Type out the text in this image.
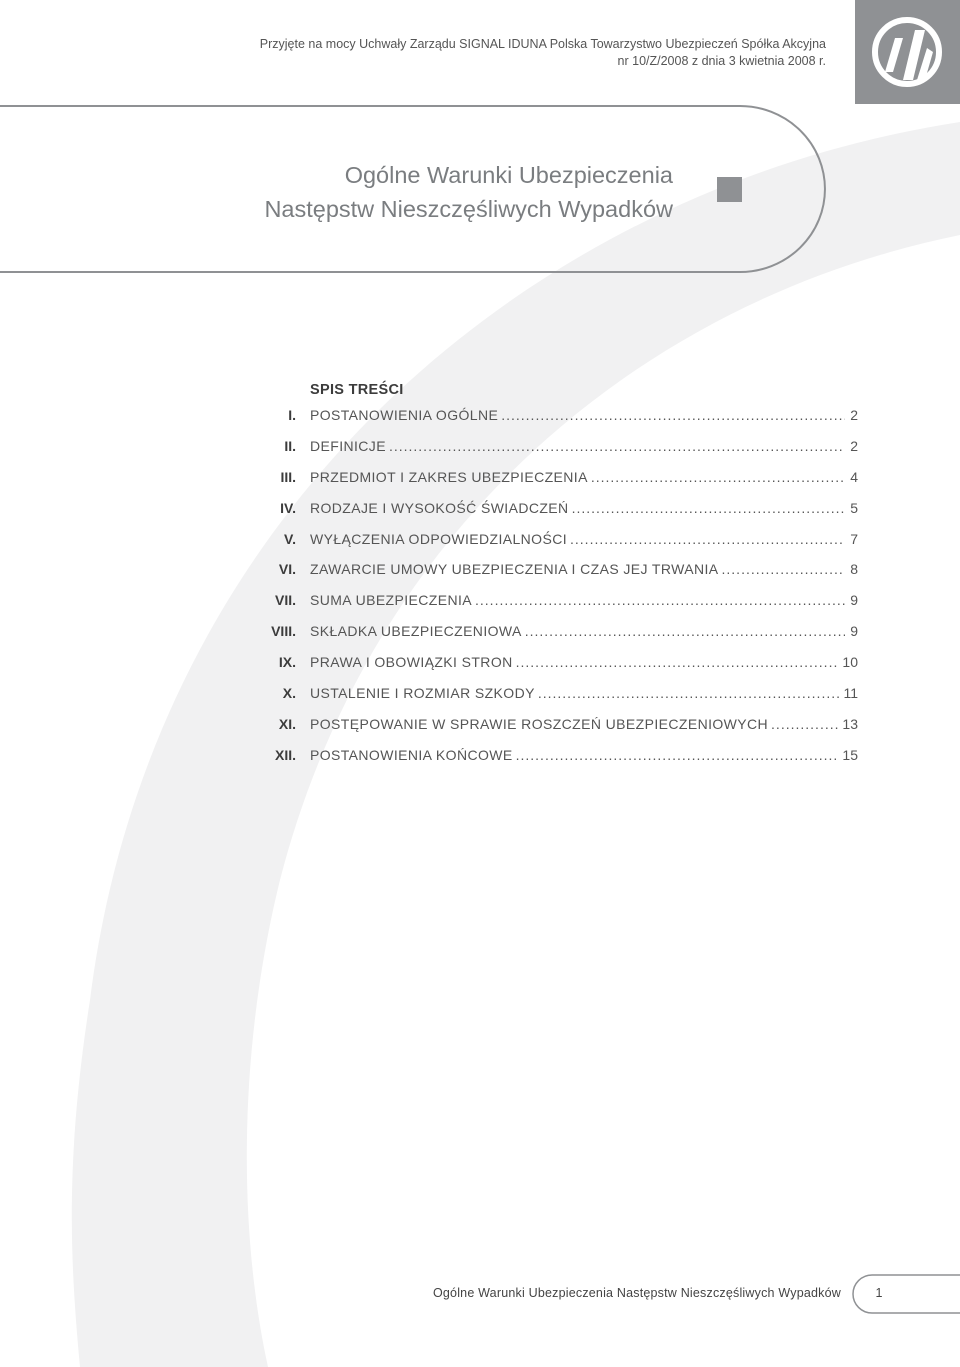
Przyjęte na mocy Uchwały Zarządu SIGNAL IDUNA Polska Towarzystwo Ubezpieczeń Spółka Akcyjna
nr 10/Z/2008 z dnia 3 kwietnia 2008 r.
Ogólne Warunki Ubezpieczenia
Następstw Nieszczęśliwych Wypadków
SPIS TREŚCI
I. POSTANOWIENIA OGÓLNE .....	2
II. DEFINICJE .....	2
III. PRZEDMIOT I ZAKRES UBEZPIECZENIA .....	4
IV. RODZAJE I WYSOKOŚĆ ŚWIADCZEŃ .....	5
V. WYŁĄCZENIA ODPOWIEDZIALNOŚCI .....	7
VI. ZAWARCIE UMOWY UBEZPIECZENIA I CZAS JEJ TRWANIA .....	8
VII. SUMA UBEZPIECZENIA .....	9
VIII. SKŁADKA UBEZPIECZENIOWA .....	9
IX. PRAWA I OBOWIĄZKI STRON .....	10
X. USTALENIE I ROZMIAR SZKODY .....	11
XI. POSTĘPOWANIE W SPRAWIE ROSZCZEŃ UBEZPIECZENIOWYCH .....	13
XII. POSTANOWIENIA KOŃCOWE .....	15
Ogólne Warunki Ubezpieczenia Następstw Nieszczęśliwych Wypadków	1
